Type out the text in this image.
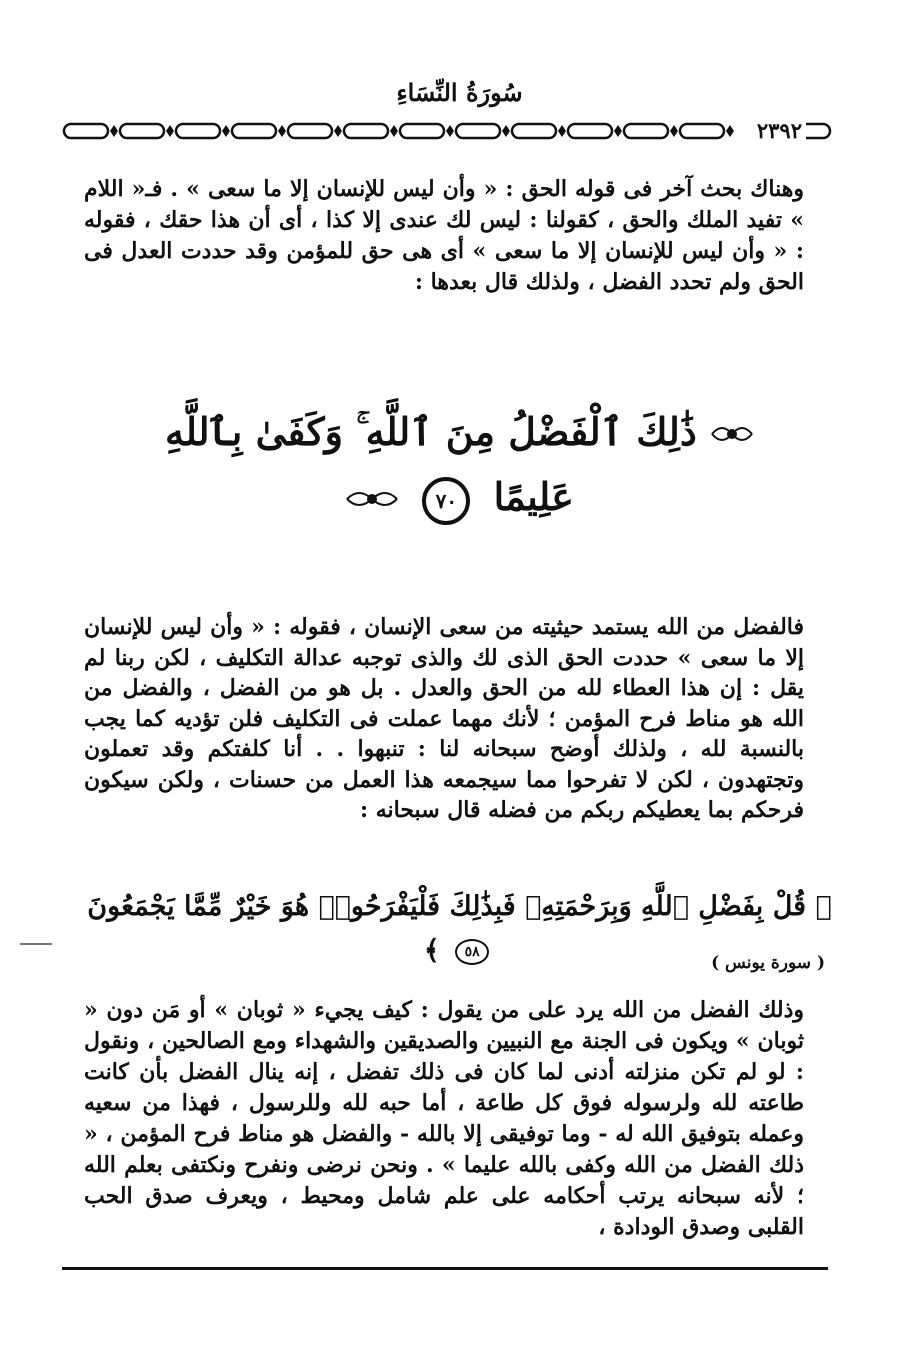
سُورَةُ النِّسَاءِ
٢٣٩٢
وهناك بحث آخر فى قوله الحق : « وأن ليس للإنسان إلا ما سعى » . فـ« اللام » تفيد الملك والحق ، كقولنا : ليس لك عندى إلا كذا ، أى أن هذا حقك ، فقوله : « وأن ليس للإنسان إلا ما سعى » أى هى حق للمؤمن وقد حددت العدل فى الحق ولم تحدد الفضل ، ولذلك قال بعدها :
ذَٰلِكَ ٱلْفَضْلُ مِنَ ٱللَّهِ ۚ وَكَفَىٰ بِٱللَّهِ
عَلِيمًا ٧٠
فالفضل من الله يستمد حيثيته من سعى الإنسان ، فقوله : « وأن ليس للإنسان إلا ما سعى » حددت الحق الذى لك والذى توجبه عدالة التكليف ، لكن ربنا لم يقل : إن هذا العطاء لله من الحق والعدل . بل هو من الفضل ، والفضل من الله هو مناط فرح المؤمن ؛ لأنك مهما عملت فى التكليف فلن تؤديه كما يجب بالنسبة لله ، ولذلك أوضح سبحانه لنا : تنبهوا . . أنا كلفتكم وقد تعملون وتجتهدون ، لكن لا تفرحوا مما سيجمعه هذا العمل من حسنات ، ولكن سيكون فرحكم بما يعطيكم ربكم من فضله قال سبحانه :
﴿ قُلْ بِفَضْلِ ٱللَّهِ وَبِرَحْمَتِهِۦ فَبِذَٰلِكَ فَلْيَفْرَحُوا۟ هُوَ خَيْرٌ مِّمَّا يَجْمَعُونَ ٥٨ ﴾	( سورة يونس )
وذلك الفضل من الله يرد على من يقول : كيف يجيء « ثوبان » أو مَن دون « ثوبان » ويكون فى الجنة مع النبيين والصديقين والشهداء ومع الصالحين ، ونقول : لو لم تكن منزلته أدنى لما كان فى ذلك تفضل ، إنه ينال الفضل بأن كانت طاعته لله ولرسوله فوق كل طاعة ، أما حبه لله وللرسول ، فهذا من سعيه وعمله بتوفيق الله له - وما توفيقى إلا بالله - والفضل هو مناط فرح المؤمن ، « ذلك الفضل من الله وكفى بالله عليما » . ونحن نرضى ونفرح ونكتفى بعلم الله ؛ لأنه سبحانه يرتب أحكامه على علم شامل ومحيط ، ويعرف صدق الحب القلبى وصدق الودادة ،
